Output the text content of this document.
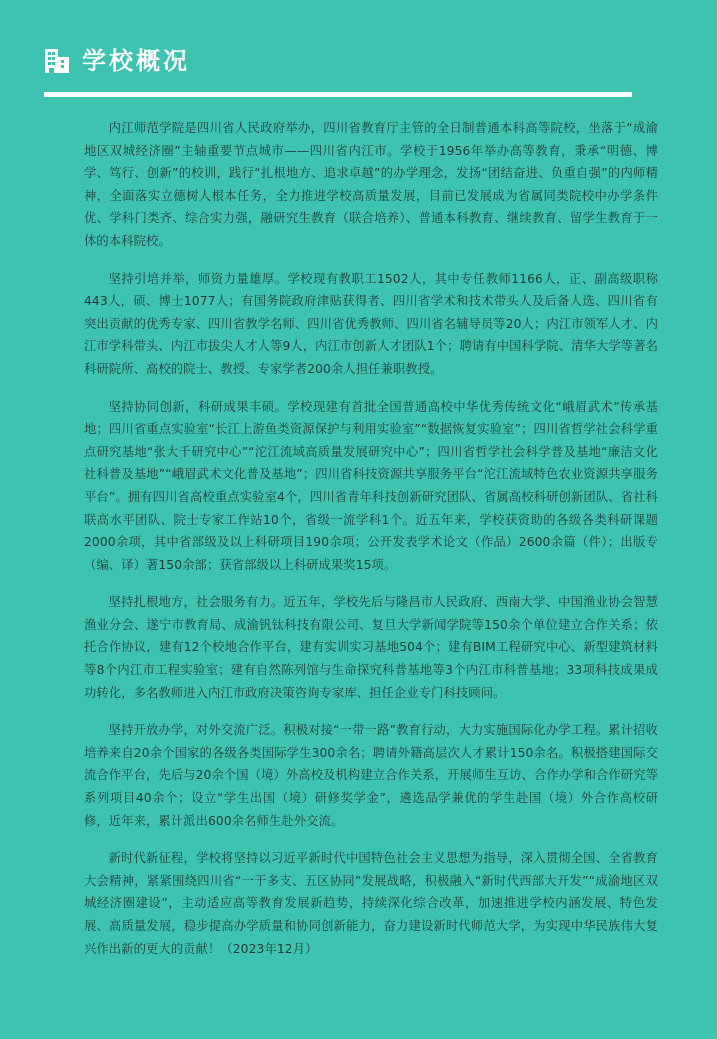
学校概况

内江师范学院是四川省人民政府举办，四川省教育厅主管的全日制普通本科高等院校，坐落于“成渝地区双城经济圈”主轴重要节点城市——四川省内江市。学校于1956年举办高等教育，秉承“明德、博学、笃行、创新”的校训，践行“扎根地方、追求卓越”的办学理念，发扬“团结奋进、负重自强”的内师精神，全面落实立德树人根本任务，全力推进学校高质量发展，目前已发展成为省属同类院校中办学条件优、学科门类齐、综合实力强，融研究生教育（联合培养）、普通本科教育、继续教育、留学生教育于一体的本科院校。

坚持引培并举，师资力量雄厚。学校现有教职工1502人，其中专任教师1166人，正、副高级职称443人，硕、博士1077人；有国务院政府津贴获得者、四川省学术和技术带头人及后备人选、四川省有突出贡献的优秀专家、四川省教学名师、四川省优秀教师、四川省名辅导员等20人；内江市领军人才、内江市学科带头、内江市拔尖人才人等9人，内江市创新人才团队1个；聘请有中国科学院、清华大学等著名科研院所、高校的院士、教授、专家学者200余人担任兼职教授。

坚持协同创新，科研成果丰硕。学校现建有首批全国普通高校中华优秀传统文化“峨眉武术”传承基地；四川省重点实验室“长江上游鱼类资源保护与利用实验室”“数据恢复实验室”；四川省哲学社会科学重点研究基地“张大千研究中心”“沱江流域高质量发展研究中心”；四川省哲学社会科学普及基地“廉洁文化社科普及基地”“峨眉武术文化普及基地”；四川省科技资源共享服务平台“沱江流域特色农业资源共享服务平台”。拥有四川省高校重点实验室4个，四川省青年科技创新研究团队、省属高校科研创新团队、省社科联高水平团队、院士专家工作站10个，省级一流学科1个。近五年来，学校获资助的各级各类科研课题2000余项，其中省部级及以上科研项目190余项；公开发表学术论文（作品）2600余篇（件）；出版专（编、译）著150余部；获省部级以上科研成果奖15项。

坚持扎根地方，社会服务有力。近五年，学校先后与隆昌市人民政府、西南大学、中国渔业协会智慧渔业分会、遂宁市教育局、成渝钒钛科技有限公司、复旦大学新闻学院等150余个单位建立合作关系；依托合作协议，建有12个校地合作平台，建有实训实习基地504个；建有BIM工程研究中心、新型建筑材料等8个内江市工程实验室；建有自然陈列馆与生命探究科普基地等3个内江市科普基地；33项科技成果成功转化，多名教师进入内江市政府决策咨询专家库、担任企业专门科技顾问。

坚持开放办学，对外交流广泛。积极对接“一带一路”教育行动，大力实施国际化办学工程。累计招收培养来自20余个国家的各级各类国际学生300余名；聘请外籍高层次人才累计150余名。积极搭建国际交流合作平台，先后与20余个国（境）外高校及机构建立合作关系，开展师生互访、合作办学和合作研究等系列项目40余个；设立“学生出国（境）研修奖学金”，遴选品学兼优的学生赴国（境）外合作高校研修，近年来，累计派出600余名师生赴外交流。

新时代新征程，学校将坚持以习近平新时代中国特色社会主义思想为指导，深入贯彻全国、全省教育大会精神，紧紧围绕四川省“一干多支、五区协同”发展战略，积极融入“新时代西部大开发”“成渝地区双城经济圈建设”，主动适应高等教育发展新趋势，持续深化综合改革，加速推进学校内涵发展、特色发展、高质量发展，稳步提高办学质量和协同创新能力，奋力建设新时代师范大学，为实现中华民族伟大复兴作出新的更大的贡献！（2023年12月）
